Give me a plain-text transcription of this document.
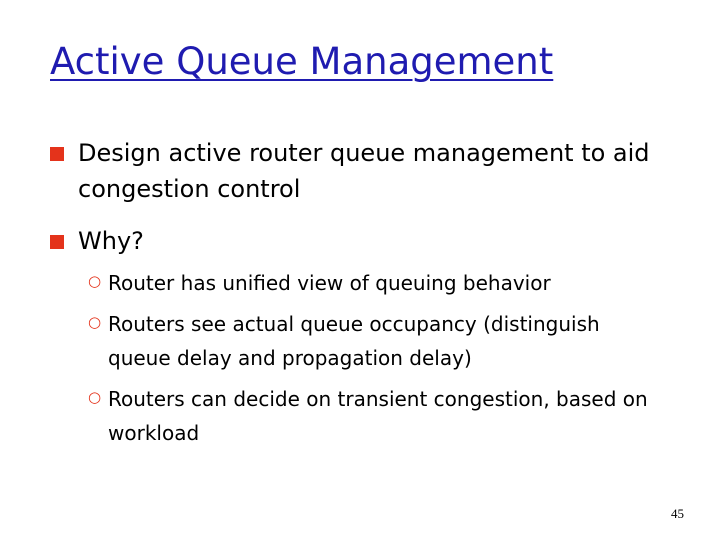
Active Queue Management
Design active router queue management to aid congestion control
Why?
○ Router has unified view of queuing behavior
○ Routers see actual queue occupancy (distinguish queue delay and propagation delay)
○ Routers can decide on transient congestion, based on workload
45
